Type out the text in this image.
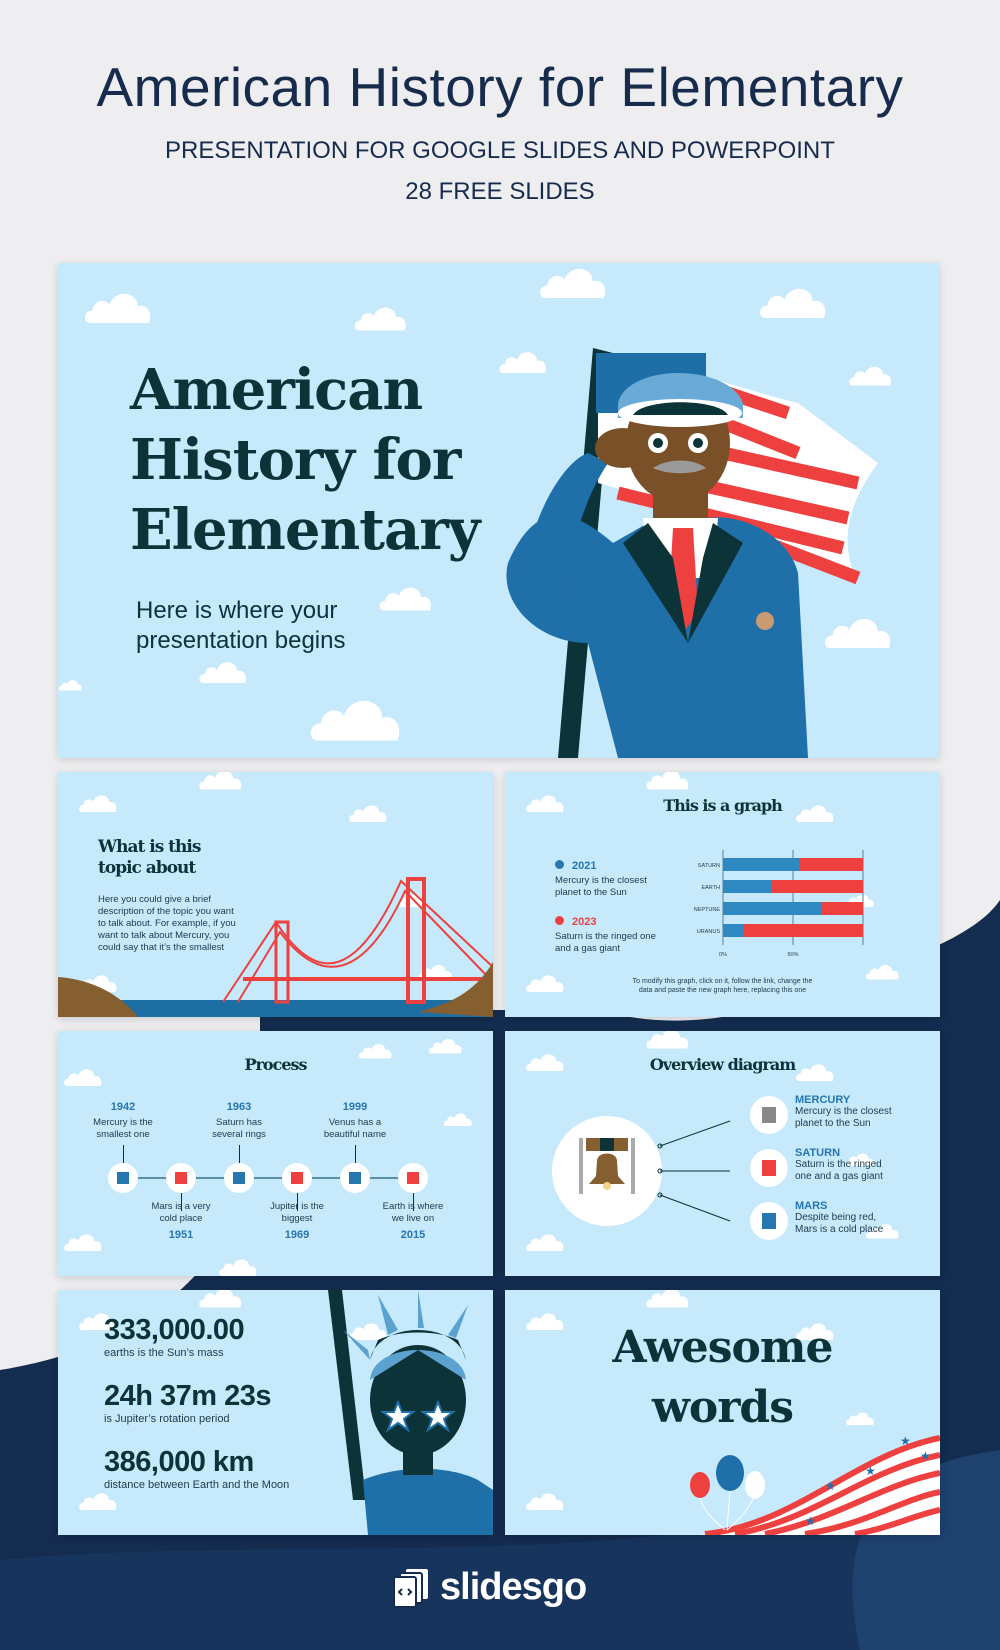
American History for Elementary
PRESENTATION FOR GOOGLE SLIDES AND POWERPOINT
28 FREE SLIDES
American
History for
Elementary
Here is where your
presentation begins
What is this
topic about
Here you could give a brief
description of the topic you want
to talk about. For example, if you
want to talk about Mercury, you
could say that it’s the smallest
This is a graph
2021
Mercury is the closest
planet to the Sun
2023
Saturn is the ringed one
and a gas giant
SATURN
EARTH
NEPTUNE
URANUS
0%	50%
To modify this graph, click on it, follow the link, change the
data and paste the new graph here, replacing this one
Process
1942
Mercury is the
smallest one
1951
Mars is a very
cold place
1963
Saturn has
several rings
1969
Jupiter is the
biggest
1999
Venus has a
beautiful name
2015
Earth is where
we live on
Overview diagram
MERCURY
Mercury is the closest
planet to the Sun
SATURN
Saturn is the ringed
one and a gas giant
MARS
Despite being red,
Mars is a cold place
333,000.00
earths is the Sun’s mass
24h 37m 23s
is Jupiter’s rotation period
386,000 km
distance between Earth and the Moon
Awesome
words
★
★
★
★
★
slidesgo
